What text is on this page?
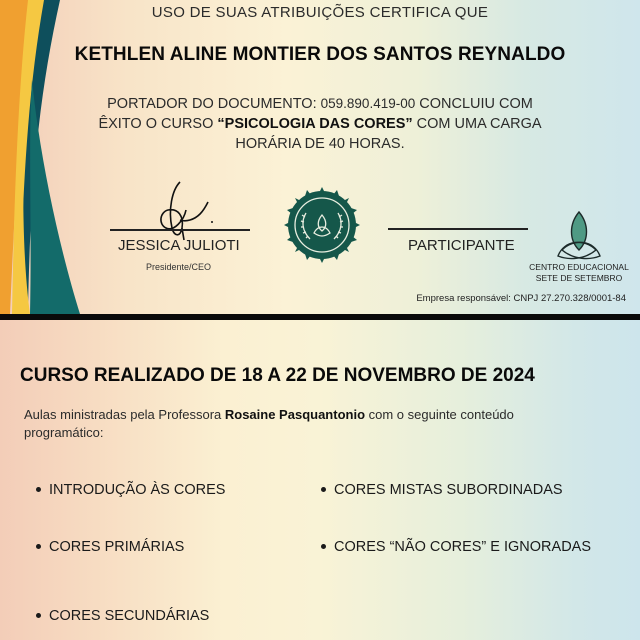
USO DE SUAS ATRIBUIÇÕES CERTIFICA QUE
KETHLEN ALINE MONTIER DOS SANTOS REYNALDO
PORTADOR DO DOCUMENTO: 059.890.419-00 CONCLUIU COM
ÊXITO O CURSO “PSICOLOGIA DAS CORES” COM UMA CARGA
HORÁRIA DE 40 HORAS.
JESSICA JULIOTI
Presidente/CEO
PARTICIPANTE
CENTRO EDUCACIONAL
SETE DE SETEMBRO
Empresa responsável: CNPJ 27.270.328/0001-84
CURSO REALIZADO DE 18 A 22 DE NOVEMBRO DE 2024
Aulas ministradas pela Professora Rosaine Pasquantonio com o seguinte conteúdo
programático:
INTRODUÇÃO ÀS CORES
CORES PRIMÁRIAS
CORES SECUNDÁRIAS
CORES MISTAS SUBORDINADAS
CORES “NÃO CORES” E IGNORADAS
